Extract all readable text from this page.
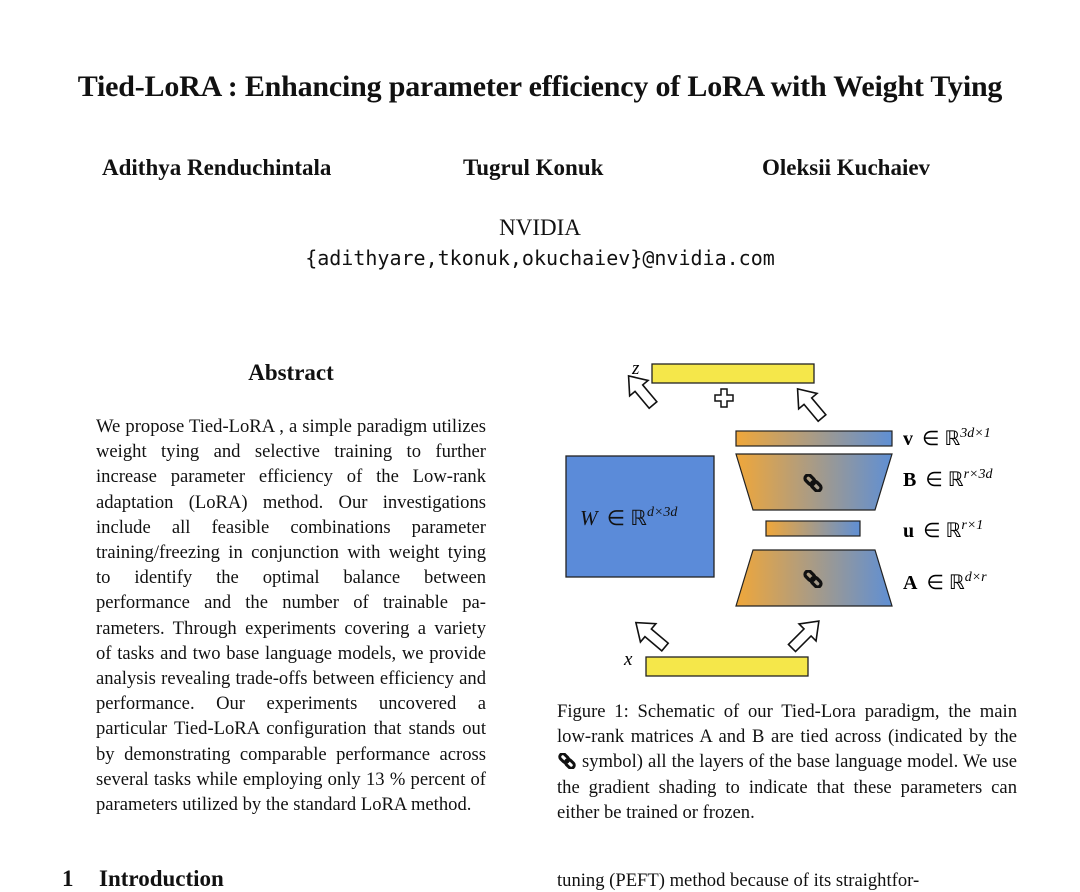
Tied-LoRA : Enhancing parameter efficiency of LoRA with Weight Tying
Adithya Renduchintala	Tugrul Konuk	Oleksii Kuchaiev
NVIDIA
{adithyare,tkonuk,okuchaiev}@nvidia.com
Abstract
We propose Tied-LoRA , a simple paradigm utilizes weight tying and selective training to further increase parameter efficiency of the Low-rank adaptation (LoRA) method. Our investigations include all feasible combinations parameter training/freezing in conjunction with weight tying to identify the optimal balance between performance and the number of trainable parameters. Through experiments covering a variety of tasks and two base language models, we provide analysis revealing trade-offs between efficiency and performance. Our experiments uncovered a particular Tied-LoRA configuration that stands out by demonstrating comparable performance across several tasks while employing only 13 % percent of parameters utilized by the standard LoRA method.
z
W ∈ ℝ$^{d\times 3d}$
v ∈ ℝ$^{3d\times 1}$
B ∈ ℝ$^{r\times 3d}$
u ∈ ℝ$^{r\times 1}$
A ∈ ℝ$^{d\times r}$
x
Figure 1: Schematic of our Tied-Lora paradigm, the main low-rank matrices A and B are tied across (indicated by the  symbol) all the layers of the base language model. We use the gradient shading to indicate that these parameters can either be trained or frozen.
1 Introduction	tuning (PEFT) method because of its straightfor-
